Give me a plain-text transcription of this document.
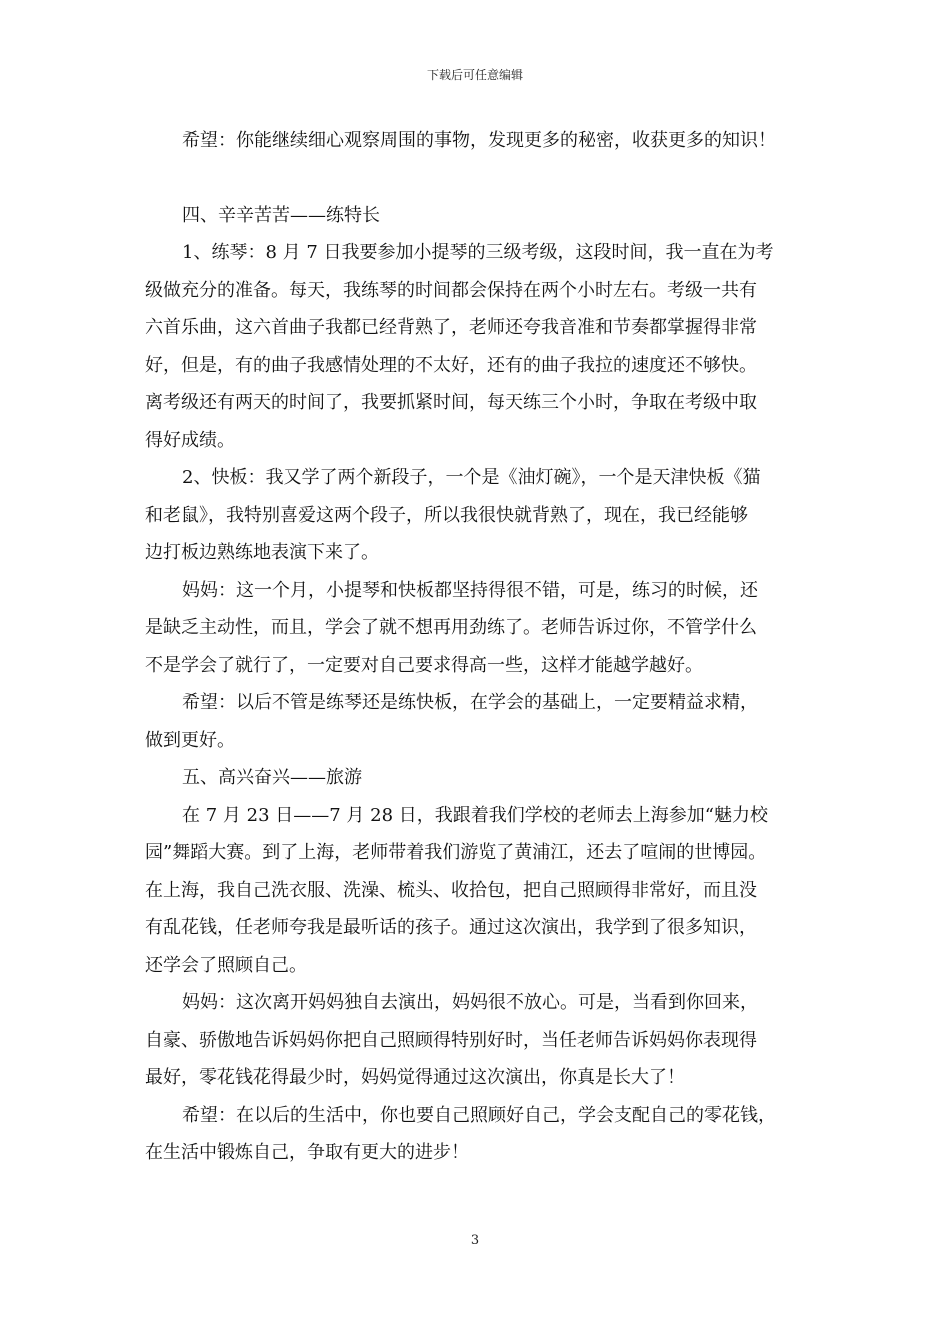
下载后可任意编辑

希望：你能继续细心观察周围的事物，发现更多的秘密，收获更多的知识！

四、辛辛苦苦——练特长

1、练琴：8 月 7 日我要参加小提琴的三级考级，这段时间，我一直在为考
级做充分的准备。每天，我练琴的时间都会保持在两个小时左右。考级一共有
六首乐曲，这六首曲子我都已经背熟了，老师还夸我音准和节奏都掌握得非常
好，但是，有的曲子我感情处理的不太好，还有的曲子我拉的速度还不够快。
离考级还有两天的时间了，我要抓紧时间，每天练三个小时，争取在考级中取
得好成绩。

2、快板：我又学了两个新段子，一个是《油灯碗》，一个是天津快板《猫
和老鼠》，我特别喜爱这两个段子，所以我很快就背熟了，现在，我已经能够
边打板边熟练地表演下来了。

妈妈：这一个月，小提琴和快板都坚持得很不错，可是，练习的时候，还
是缺乏主动性，而且，学会了就不想再用劲练了。老师告诉过你，不管学什么
不是学会了就行了，一定要对自己要求得高一些，这样才能越学越好。

希望：以后不管是练琴还是练快板，在学会的基础上，一定要精益求精，
做到更好。

五、高兴奋兴——旅游

在 7 月 23 日——7 月 28 日，我跟着我们学校的老师去上海参加“魅力校
园”舞蹈大赛。到了上海，老师带着我们游览了黄浦江，还去了喧闹的世博园。
在上海，我自己洗衣服、洗澡、梳头、收拾包，把自己照顾得非常好，而且没
有乱花钱，任老师夸我是最听话的孩子。通过这次演出，我学到了很多知识，
还学会了照顾自己。

妈妈：这次离开妈妈独自去演出，妈妈很不放心。可是，当看到你回来，
自豪、骄傲地告诉妈妈你把自己照顾得特别好时，当任老师告诉妈妈你表现得
最好，零花钱花得最少时，妈妈觉得通过这次演出，你真是长大了！

希望：在以后的生活中，你也要自己照顾好自己，学会支配自己的零花钱，
在生活中锻炼自己，争取有更大的进步！

3
